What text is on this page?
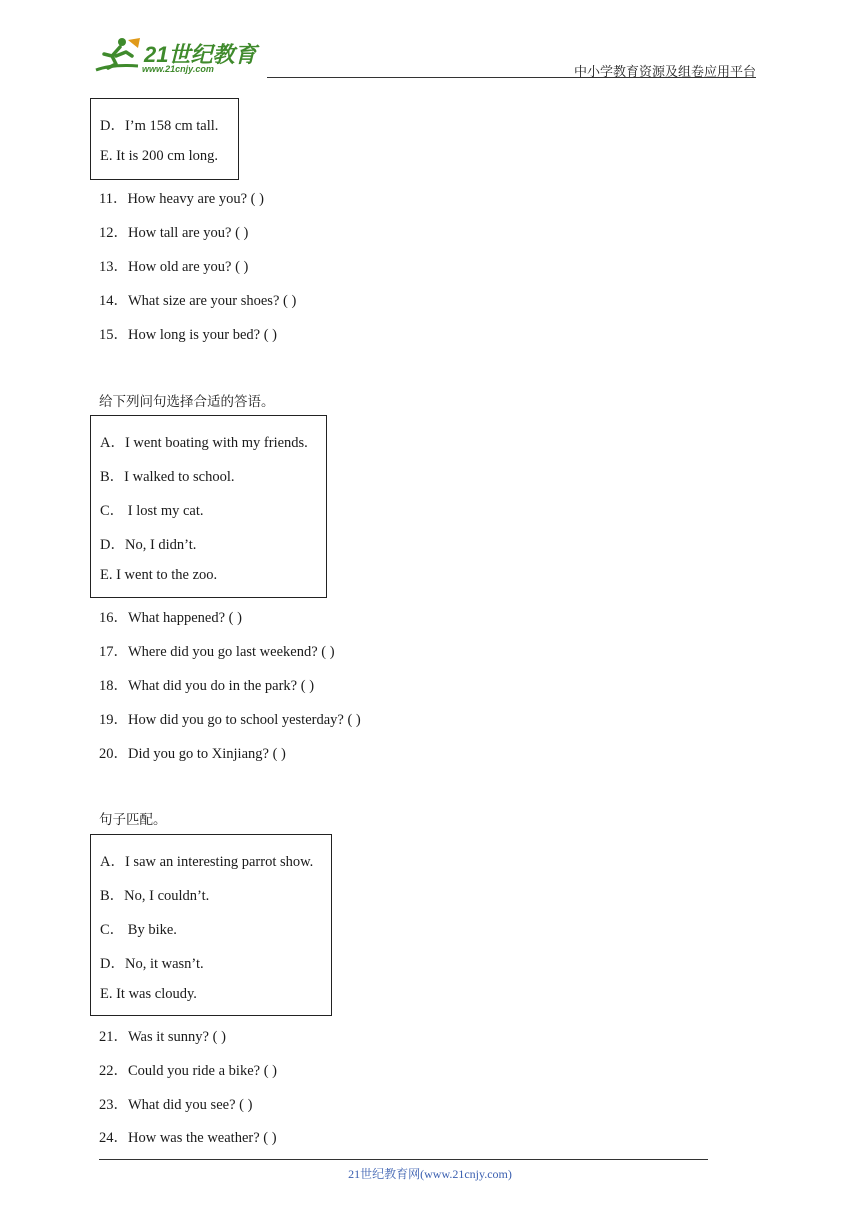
21世纪教育
www.21cnjy.com	中小学教育资源及组卷应用平台
D．I’m 158 cm tall.
E. It is 200 cm long.
11．How heavy are you? ( )
12．How tall are you? ( )
13．How old are you? ( )
14．What size are your shoes? ( )
15．How long is your bed? ( )
给下列问句选择合适的答语。
A．I went boating with my friends.
B．I walked to school.
C． I lost my cat.
D．No, I didn’t.
E. I went to the zoo.
16．What happened? ( )
17．Where did you go last weekend? ( )
18．What did you do in the park? ( )
19．How did you go to school yesterday? ( )
20．Did you go to Xinjiang? ( )
句子匹配。
A．I saw an interesting parrot show.
B．No, I couldn’t.
C． By bike.
D．No, it wasn’t.
E. It was cloudy.
21．Was it sunny? ( )
22．Could you ride a bike? ( )
23．What did you see? ( )
24．How was the weather? ( )
21世纪教育网(www.21cnjy.com)
